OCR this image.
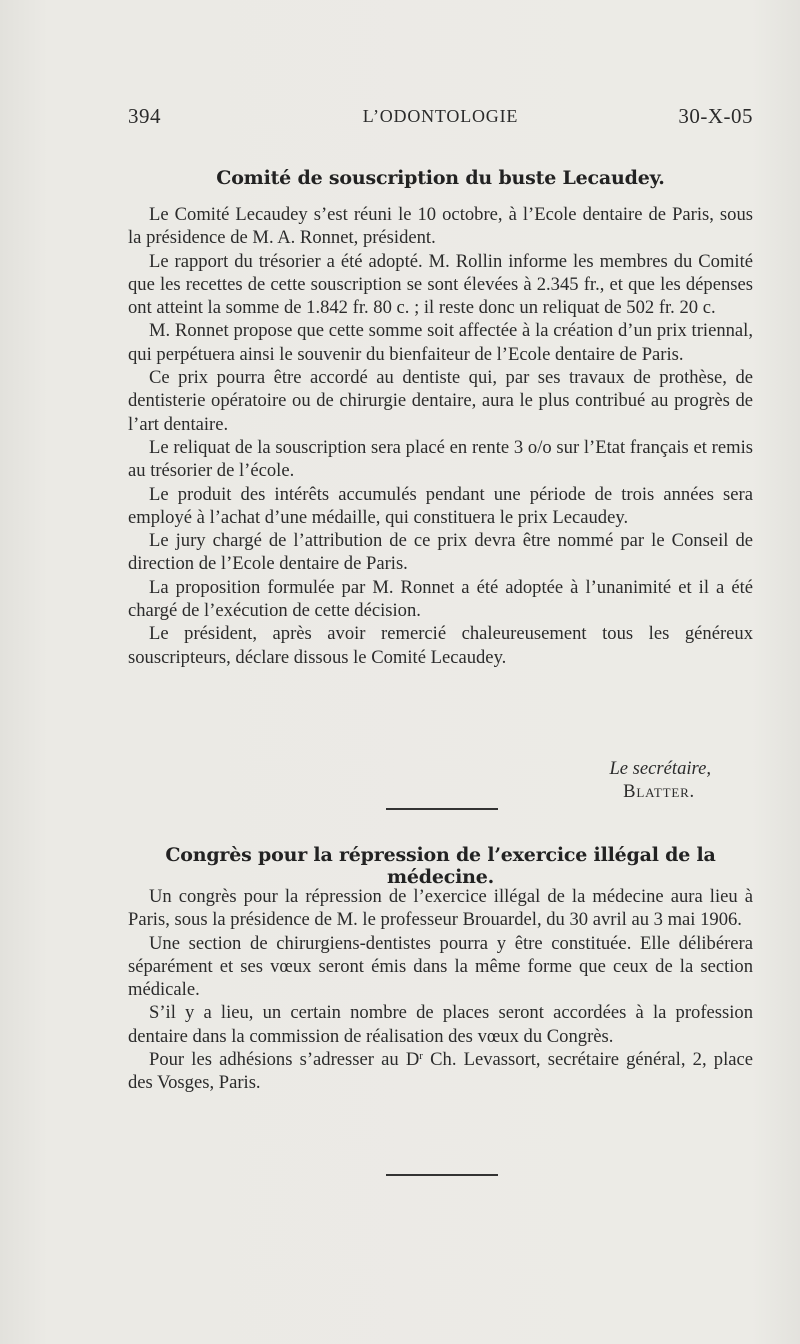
394	L’ODONTOLOGIE	30-X-05
Comité de souscription du buste Lecaudey.

Le Comité Lecaudey s’est réuni le 10 octobre, à l’Ecole dentaire de Paris, sous la présidence de M. A. Ronnet, président.

Le rapport du trésorier a été adopté. M. Rollin informe les membres du Comité que les recettes de cette souscription se sont élevées à 2.345 fr., et que les dépenses ont atteint la somme de 1.842 fr. 80 c. ; il reste donc un reliquat de 502 fr. 20 c.

M. Ronnet propose que cette somme soit affectée à la création d’un prix triennal, qui perpétuera ainsi le souvenir du bienfaiteur de l’Ecole dentaire de Paris.

Ce prix pourra être accordé au dentiste qui, par ses travaux de prothèse, de dentisterie opératoire ou de chirurgie dentaire, aura le plus contribué au progrès de l’art dentaire.

Le reliquat de la souscription sera placé en rente 3 o/o sur l’Etat français et remis au trésorier de l’école.

Le produit des intérêts accumulés pendant une période de trois années sera employé à l’achat d’une médaille, qui constituera le prix Lecaudey.

Le jury chargé de l’attribution de ce prix devra être nommé par le Conseil de direction de l’Ecole dentaire de Paris.

La proposition formulée par M. Ronnet a été adoptée à l’unanimité et il a été chargé de l’exécution de cette décision.

Le président, après avoir remercié chaleureusement tous les généreux souscripteurs, déclare dissous le Comité Lecaudey.

Le secrétaire,
Blatter.
Congrès pour la répression de l’exercice illégal de la médecine.

Un congrès pour la répression de l’exercice illégal de la médecine aura lieu à Paris, sous la présidence de M. le professeur Brouardel, du 30 avril au 3 mai 1906.

Une section de chirurgiens-dentistes pourra y être constituée. Elle délibérera séparément et ses vœux seront émis dans la même forme que ceux de la section médicale.

S’il y a lieu, un certain nombre de places seront accordées à la profession dentaire dans la commission de réalisation des vœux du Congrès.

Pour les adhésions s’adresser au $D^r$ Ch. Levassort, secrétaire général, 2, place des Vosges, Paris.
